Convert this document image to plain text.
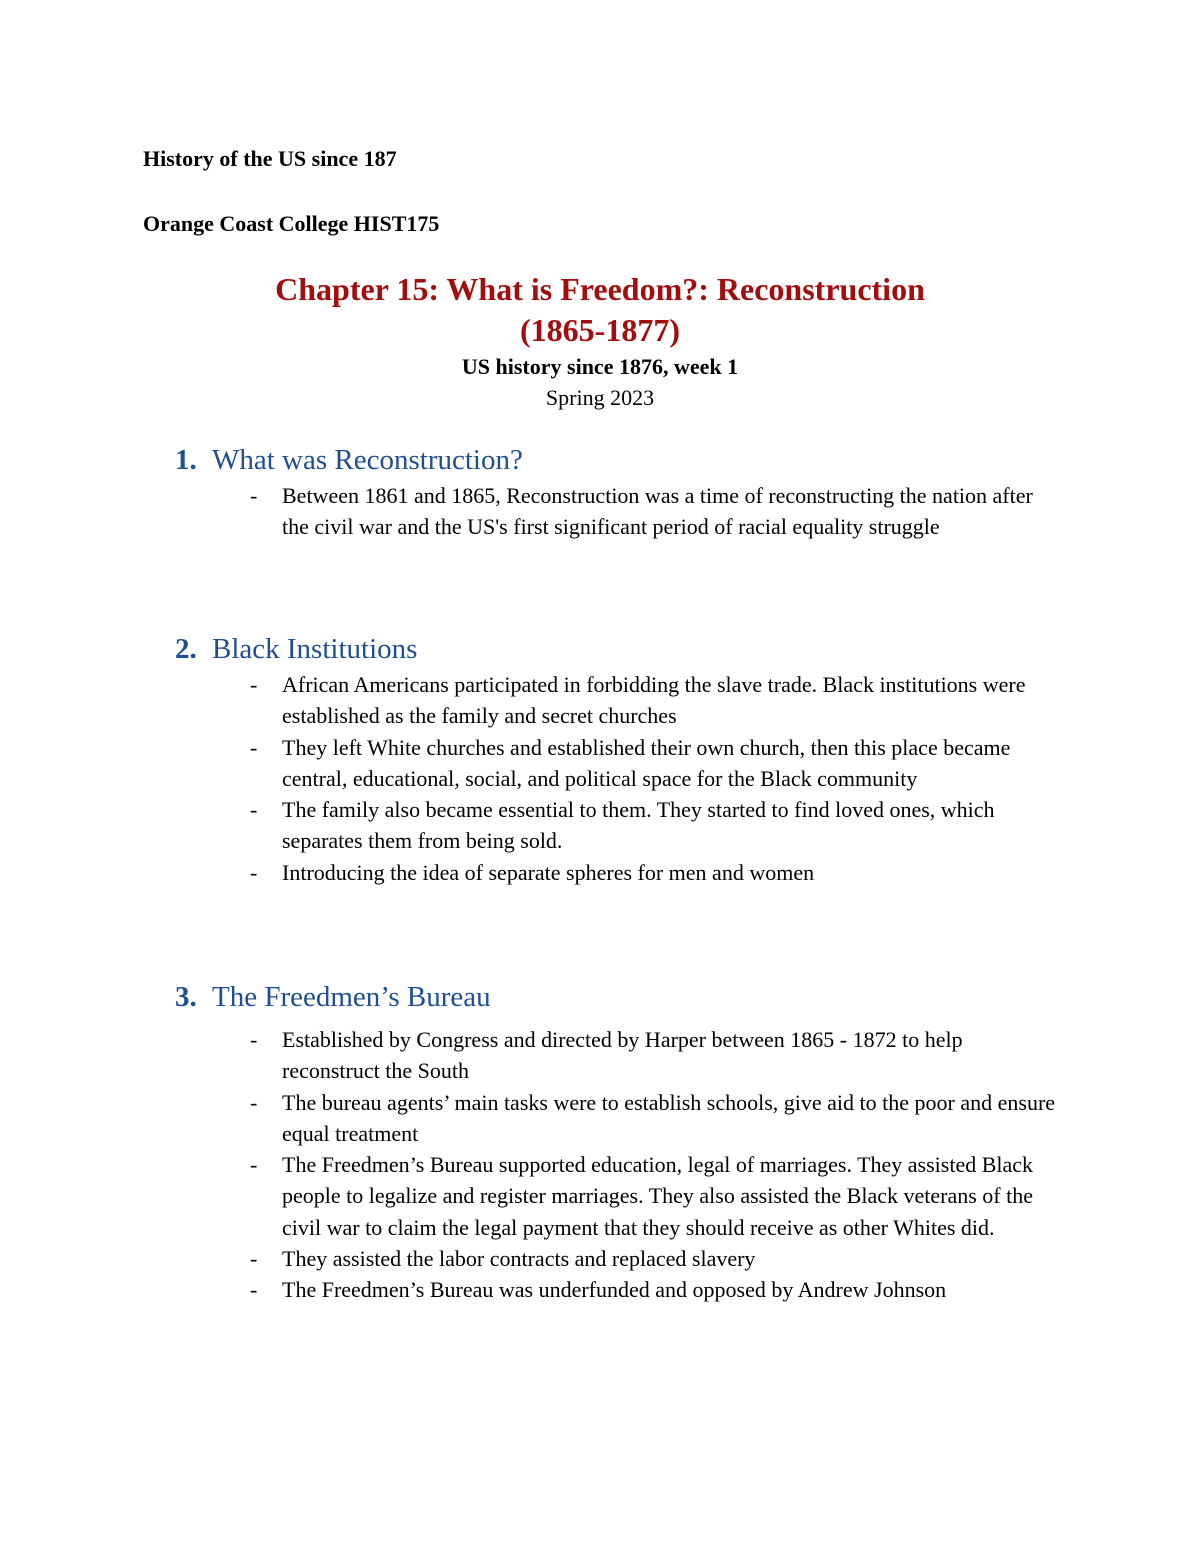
History of the US since 187

Orange Coast College HIST175

Chapter 15: What is Freedom?: Reconstruction
(1865-1877)

US history since 1876, week 1

Spring 2023

1. What was Reconstruction?
- Between 1861 and 1865, Reconstruction was a time of reconstructing the nation after the civil war and the US's first significant period of racial equality struggle
2. Black Institutions
- African Americans participated in forbidding the slave trade. Black institutions were established as the family and secret churches
- They left White churches and established their own church, then this place became central, educational, social, and political space for the Black community
- The family also became essential to them. They started to find loved ones, which separates them from being sold.
- Introducing the idea of separate spheres for men and women
3. The Freedmen’s Bureau
- Established by Congress and directed by Harper between 1865 - 1872 to help reconstruct the South
- The bureau agents’ main tasks were to establish schools, give aid to the poor and ensure equal treatment
- The Freedmen’s Bureau supported education, legal of marriages. They assisted Black people to legalize and register marriages. They also assisted the Black veterans of the civil war to claim the legal payment that they should receive as other Whites did.
- They assisted the labor contracts and replaced slavery
- The Freedmen’s Bureau was underfunded and opposed by Andrew Johnson
